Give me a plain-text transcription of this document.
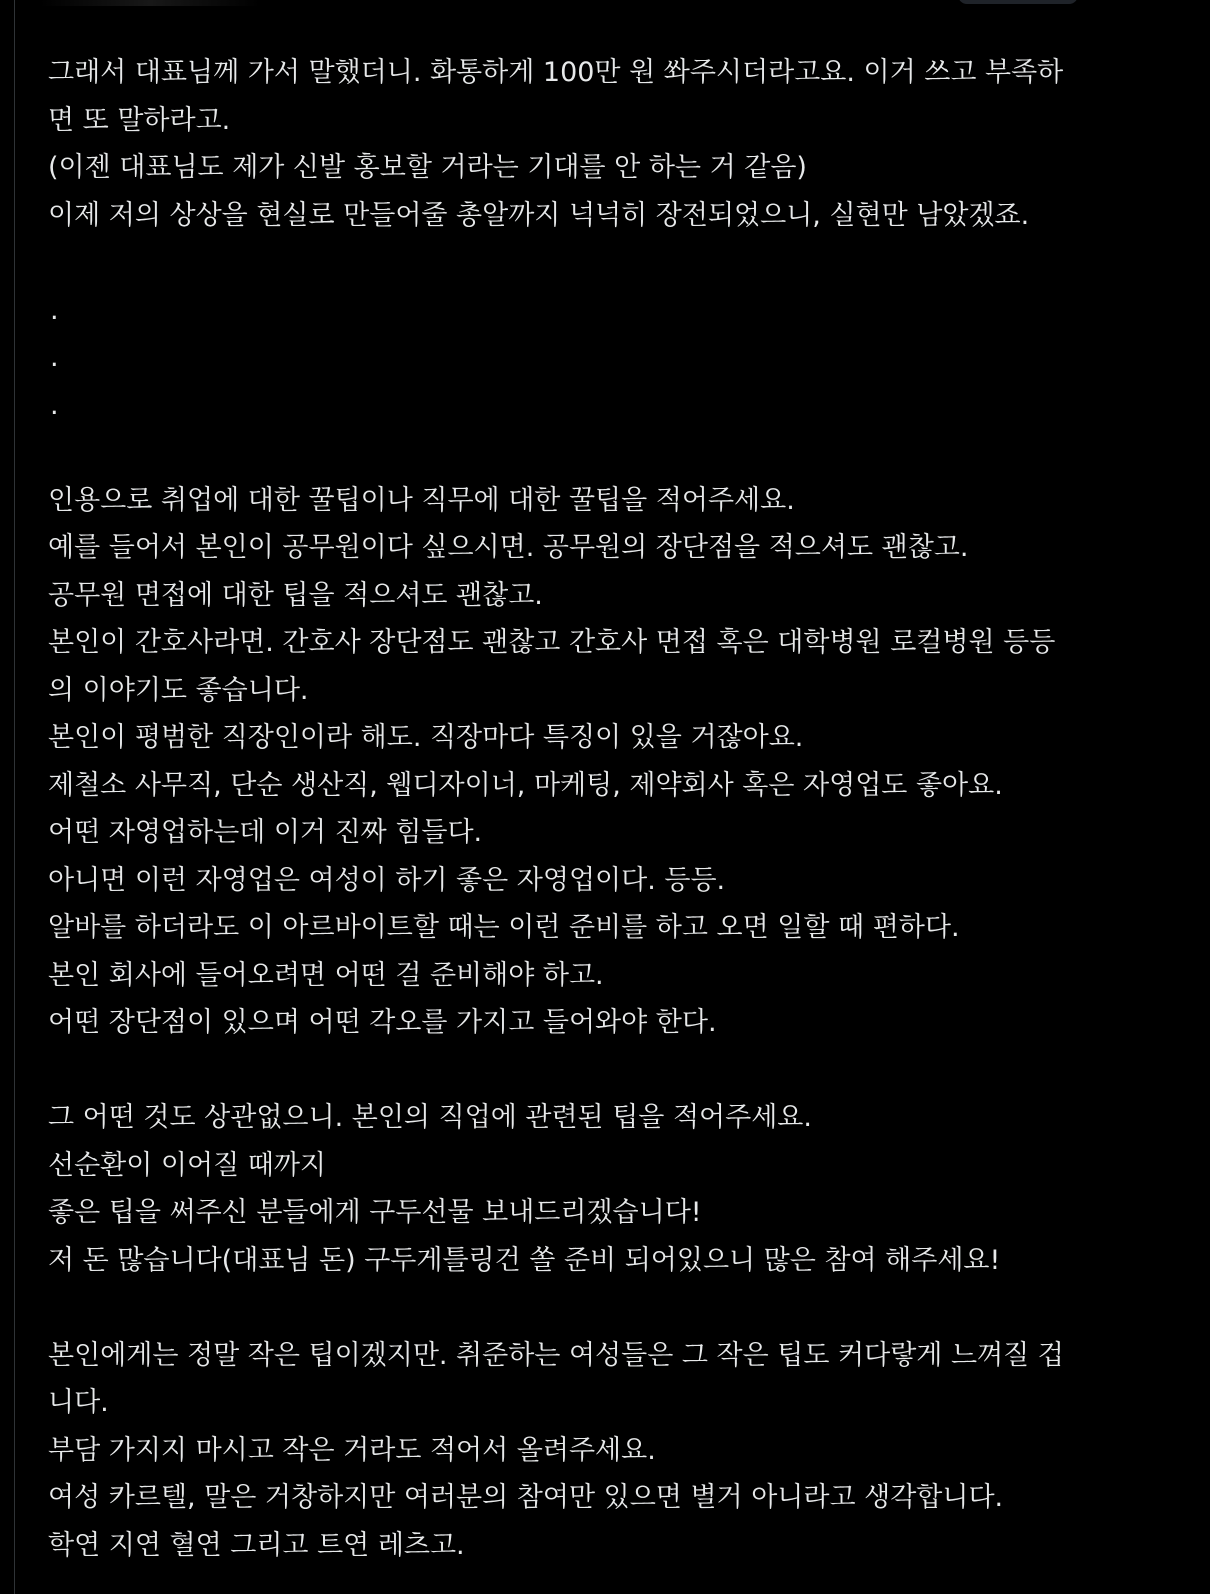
그래서 대표님께 가서 말했더니. 화통하게 100만 원 쏴주시더라고요. 이거 쓰고 부족하
면 또 말하라고.
(이젠 대표님도 제가 신발 홍보할 거라는 기대를 안 하는 거 같음)
이제 저의 상상을 현실로 만들어줄 총알까지 넉넉히 장전되었으니, 실현만 남았겠죠.
.
.
.
인용으로 취업에 대한 꿀팁이나 직무에 대한 꿀팁을 적어주세요.
예를 들어서 본인이 공무원이다 싶으시면. 공무원의 장단점을 적으셔도 괜찮고.
공무원 면접에 대한 팁을 적으셔도 괜찮고.
본인이 간호사라면. 간호사 장단점도 괜찮고 간호사 면접 혹은 대학병원 로컬병원 등등
의 이야기도 좋습니다.
본인이 평범한 직장인이라 해도. 직장마다 특징이 있을 거잖아요.
제철소 사무직, 단순 생산직, 웹디자이너, 마케팅, 제약회사 혹은 자영업도 좋아요.
어떤 자영업하는데 이거 진짜 힘들다.
아니면 이런 자영업은 여성이 하기 좋은 자영업이다. 등등.
알바를 하더라도 이 아르바이트할 때는 이런 준비를 하고 오면 일할 때 편하다.
본인 회사에 들어오려면 어떤 걸 준비해야 하고.
어떤 장단점이 있으며 어떤 각오를 가지고 들어와야 한다.
그 어떤 것도 상관없으니. 본인의 직업에 관련된 팁을 적어주세요.
선순환이 이어질 때까지
좋은 팁을 써주신 분들에게 구두선물 보내드리겠습니다!
저 돈 많습니다(대표님 돈) 구두게틀링건 쏠 준비 되어있으니 많은 참여 해주세요!
본인에게는 정말 작은 팁이겠지만. 취준하는 여성들은 그 작은 팁도 커다랗게 느껴질 겁
니다.
부담 가지지 마시고 작은 거라도 적어서 올려주세요.
여성 카르텔, 말은 거창하지만 여러분의 참여만 있으면 별거 아니라고 생각합니다.
학연 지연 혈연 그리고 트연 레츠고.
